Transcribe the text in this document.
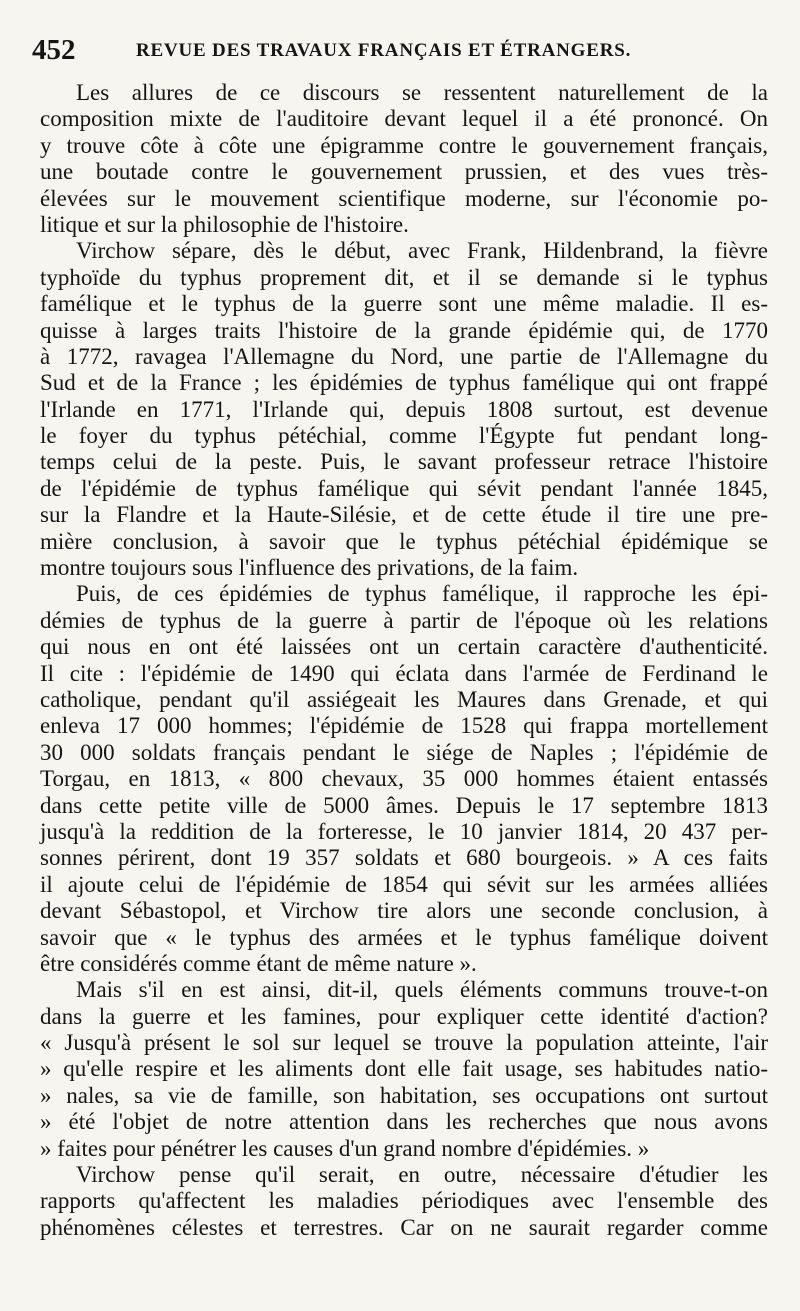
452	REVUE DES TRAVAUX FRANÇAIS ET ÉTRANGERS.
Les allures de ce discours se ressentent naturellement de la
composition mixte de l'auditoire devant lequel il a été prononcé. On
y trouve côte à côte une épigramme contre le gouvernement français,
une boutade contre le gouvernement prussien, et des vues très-
élevées sur le mouvement scientifique moderne, sur l'économie po-
litique et sur la philosophie de l'histoire.
Virchow sépare, dès le début, avec Frank, Hildenbrand, la fièvre
typhoïde du typhus proprement dit, et il se demande si le typhus
famélique et le typhus de la guerre sont une même maladie. Il es-
quisse à larges traits l'histoire de la grande épidémie qui, de 1770
à 1772, ravagea l'Allemagne du Nord, une partie de l'Allemagne du
Sud et de la France ; les épidémies de typhus famélique qui ont frappé
l'Irlande en 1771, l'Irlande qui, depuis 1808 surtout, est devenue
le foyer du typhus pétéchial, comme l'Égypte fut pendant long-
temps celui de la peste. Puis, le savant professeur retrace l'histoire
de l'épidémie de typhus famélique qui sévit pendant l'année 1845,
sur la Flandre et la Haute-Silésie, et de cette étude il tire une pre-
mière conclusion, à savoir que le typhus pétéchial épidémique se
montre toujours sous l'influence des privations, de la faim.
Puis, de ces épidémies de typhus famélique, il rapproche les épi-
démies de typhus de la guerre à partir de l'époque où les relations
qui nous en ont été laissées ont un certain caractère d'authenticité.
Il cite : l'épidémie de 1490 qui éclata dans l'armée de Ferdinand le
catholique, pendant qu'il assiégeait les Maures dans Grenade, et qui
enleva 17 000 hommes; l'épidémie de 1528 qui frappa mortellement
30 000 soldats français pendant le siége de Naples ; l'épidémie de
Torgau, en 1813, « 800 chevaux, 35 000 hommes étaient entassés
dans cette petite ville de 5000 âmes. Depuis le 17 septembre 1813
jusqu'à la reddition de la forteresse, le 10 janvier 1814, 20 437 per-
sonnes périrent, dont 19 357 soldats et 680 bourgeois. » A ces faits
il ajoute celui de l'épidémie de 1854 qui sévit sur les armées alliées
devant Sébastopol, et Virchow tire alors une seconde conclusion, à
savoir que « le typhus des armées et le typhus famélique doivent
être considérés comme étant de même nature ».
Mais s'il en est ainsi, dit-il, quels éléments communs trouve-t-on
dans la guerre et les famines, pour expliquer cette identité d'action?
« Jusqu'à présent le sol sur lequel se trouve la population atteinte, l'air
» qu'elle respire et les aliments dont elle fait usage, ses habitudes natio-
» nales, sa vie de famille, son habitation, ses occupations ont surtout
» été l'objet de notre attention dans les recherches que nous avons
» faites pour pénétrer les causes d'un grand nombre d'épidémies. »
Virchow pense qu'il serait, en outre, nécessaire d'étudier les
rapports qu'affectent les maladies périodiques avec l'ensemble des
phénomènes célestes et terrestres. Car on ne saurait regarder comme
